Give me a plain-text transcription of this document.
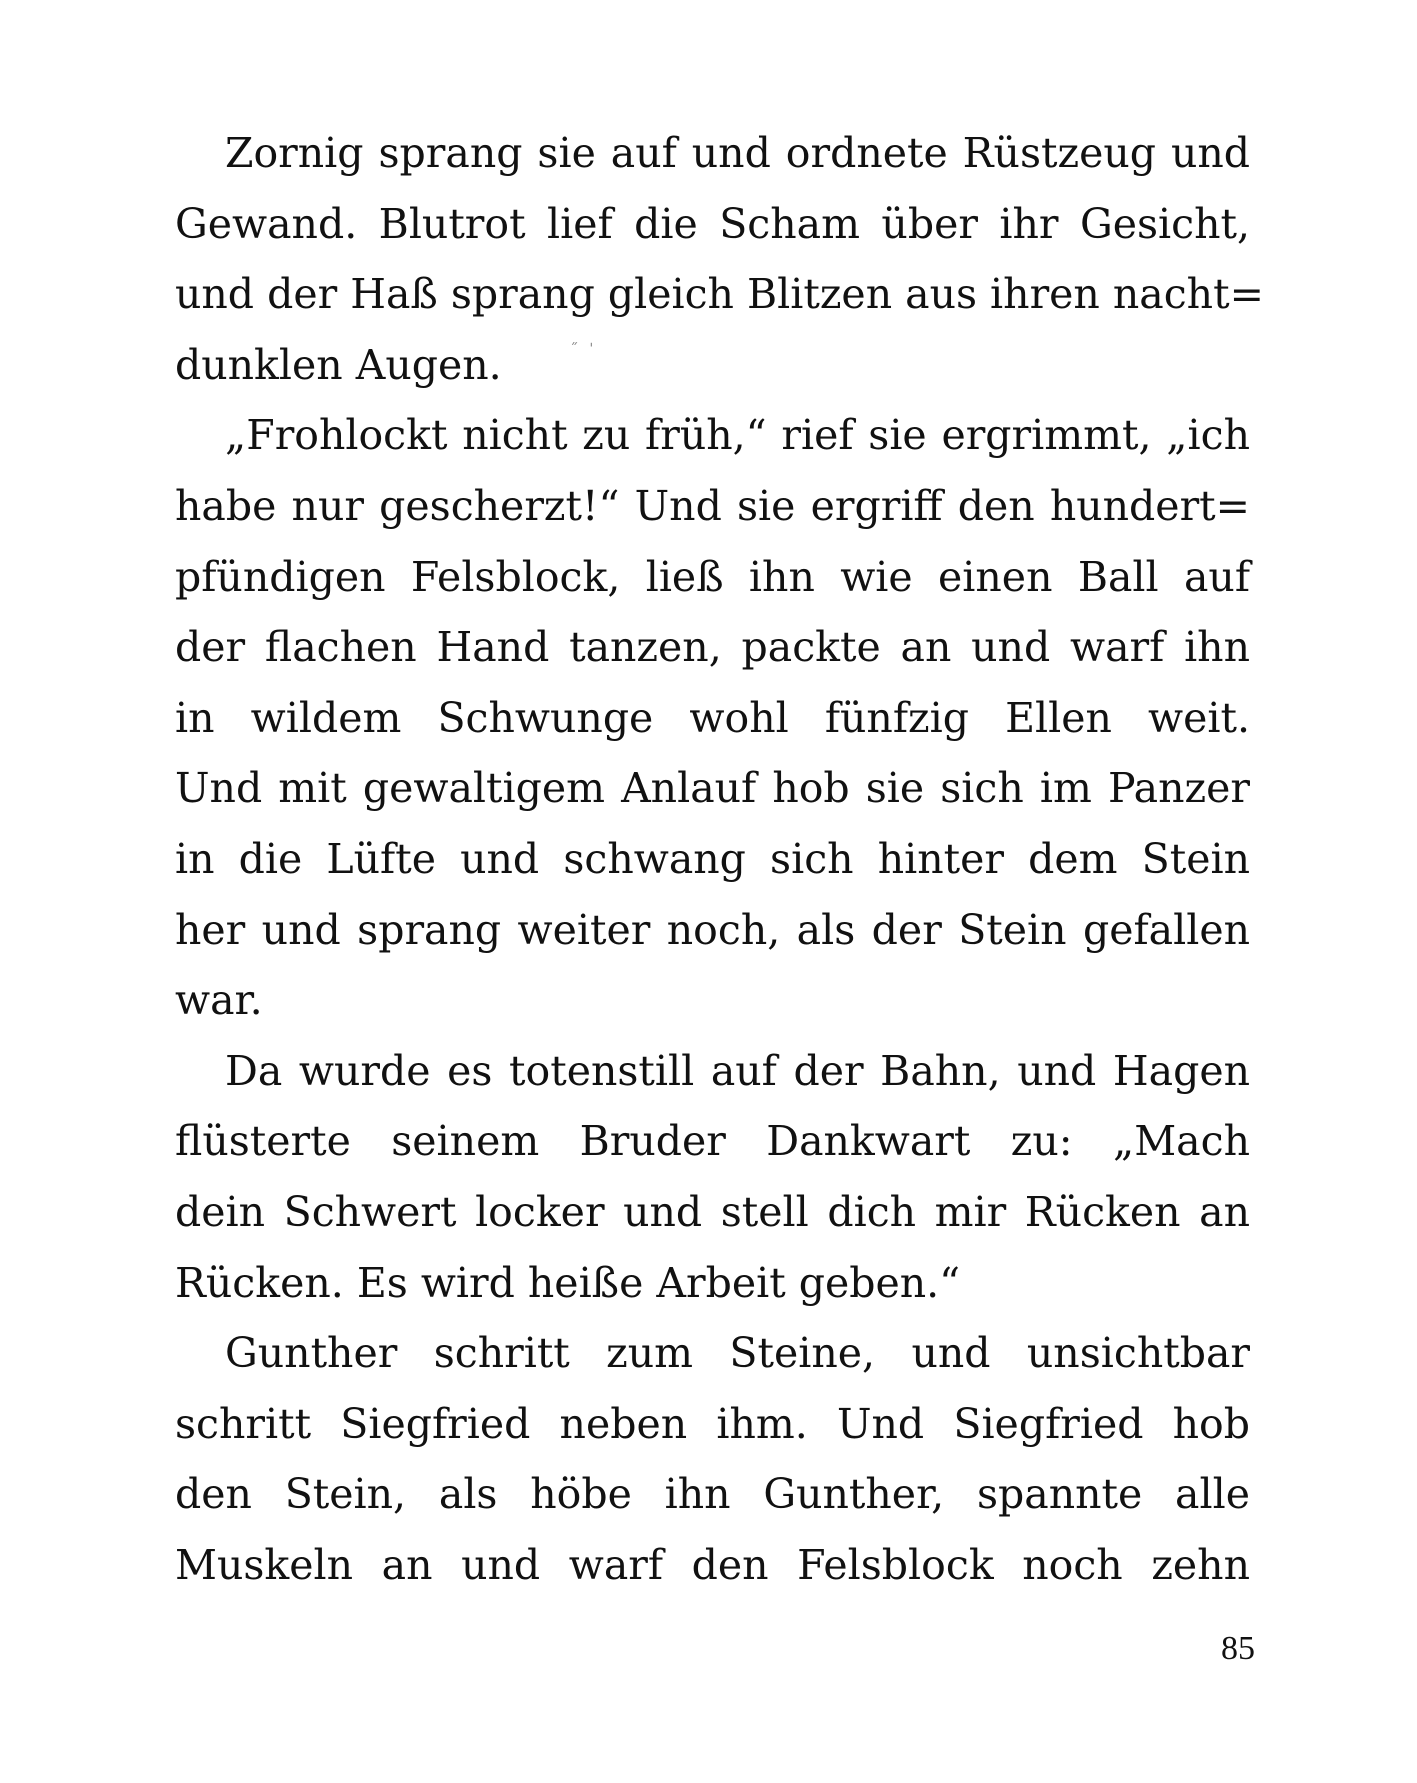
Zornig sprang sie auf und ordnete Rüstzeug und
Gewand. Blutrot lief die Scham über ihr Gesicht,
und der Haß sprang gleich Blitzen aus ihren nacht=
dunklen Augen.
„Frohlockt nicht zu früh,“ rief sie ergrimmt, „ich
habe nur gescherzt!“ Und sie ergriff den hundert=
pfündigen Felsblock, ließ ihn wie einen Ball auf
der flachen Hand tanzen, packte an und warf ihn
in wildem Schwunge wohl fünfzig Ellen weit.
Und mit gewaltigem Anlauf hob sie sich im Panzer
in die Lüfte und schwang sich hinter dem Stein
her und sprang weiter noch, als der Stein gefallen
war.
Da wurde es totenstill auf der Bahn, und Hagen
flüsterte seinem Bruder Dankwart zu: „Mach
dein Schwert locker und stell dich mir Rücken an
Rücken. Es wird heiße Arbeit geben.“
Gunther schritt zum Steine, und unsichtbar
schritt Siegfried neben ihm. Und Siegfried hob
den Stein, als höbe ihn Gunther, spannte alle
Muskeln an und warf den Felsblock noch zehn
˝ ˈ
85
